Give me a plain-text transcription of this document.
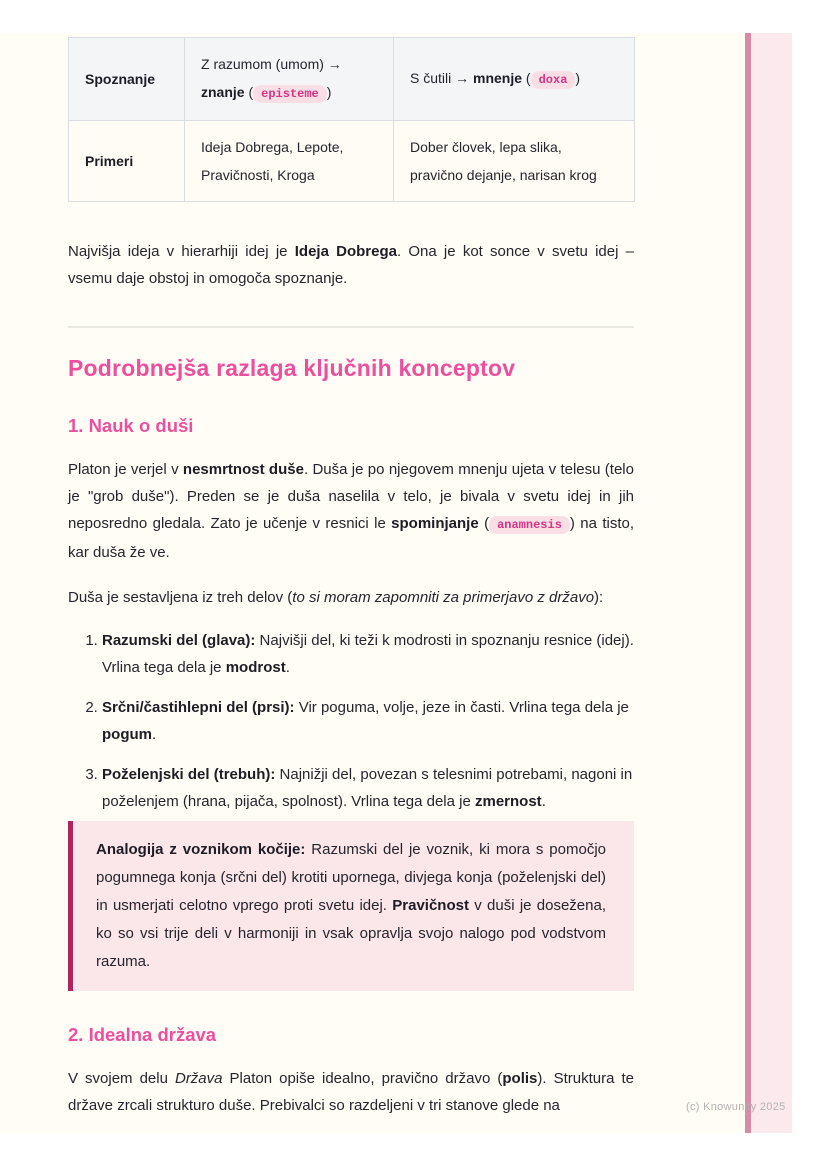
Spoznanje	Z razumom (umom) → znanje ( episteme )	S čutili → mnenje ( doxa )
Primeri	Ideja Dobrega, Lepote, Pravičnosti, Kroga	Dober človek, lepa slika, pravično dejanje, narisan krog

Najvišja ideja v hierarhiji idej je Ideja Dobrega. Ona je kot sonce v svetu idej – vsemu daje obstoj in omogoča spoznanje.

Podrobnejša razlaga ključnih konceptov
1. Nauk o duši

Platon je verjel v nesmrtnost duše. Duša je po njegovem mnenju ujeta v telesu (telo je "grob duše"). Preden se je duša naselila v telo, je bivala v svetu idej in jih neposredno gledala. Zato je učenje v resnici le spominjanje ( anamnesis ) na tisto, kar duša že ve.

Duša je sestavljena iz treh delov (to si moram zapomniti za primerjavo z državo):

1. Razumski del (glava): Najvišji del, ki teži k modrosti in spoznanju resnice (idej). Vrlina tega dela je modrost.
2. Srčni/častihlepni del (prsi): Vir poguma, volje, jeze in časti. Vrlina tega dela je pogum.
3. Poželenjski del (trebuh): Najnižji del, povezan s telesnimi potrebami, nagoni in poželenjem (hrana, pijača, spolnost). Vrlina tega dela je zmernost.

Analogija z voznikom kočije: Razumski del je voznik, ki mora s pomočjo pogumnega konja (srčni del) krotiti upornega, divjega konja (poželenjski del) in usmerjati celotno vprego proti svetu idej. Pravičnost v duši je dosežena, ko so vsi trije deli v harmoniji in vsak opravlja svojo nalogo pod vodstvom razuma.

2. Idealna država

V svojem delu Država Platon opiše idealno, pravično državo (polis). Struktura te države zrcali strukturo duše. Prebivalci so razdeljeni v tri stanove glede na	(c) Knowunity 2025
